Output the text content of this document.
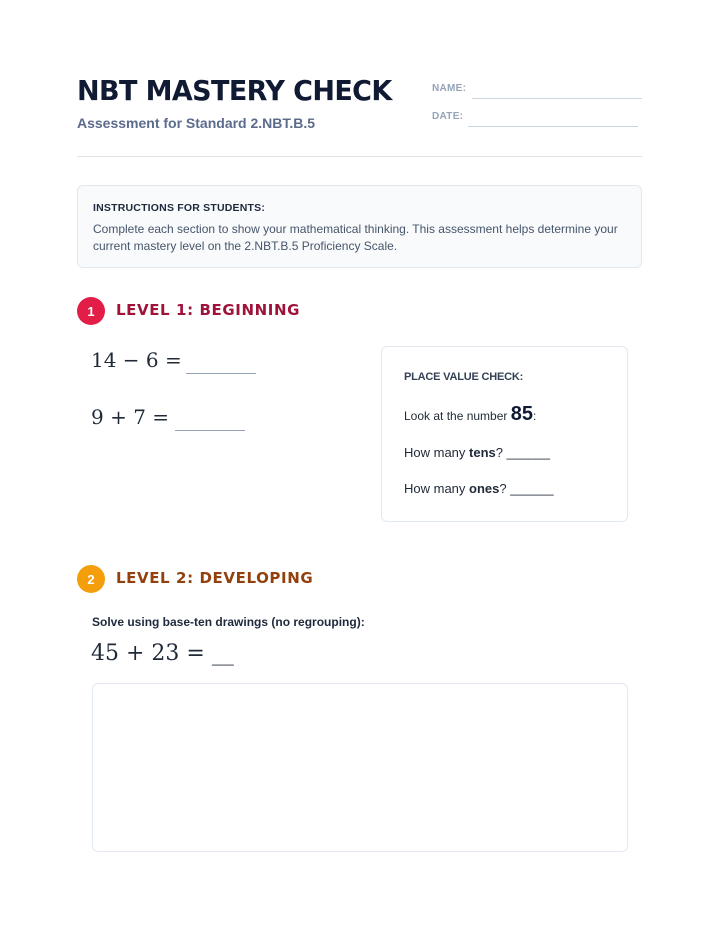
NBT MASTERY CHECK
Assessment for Standard 2.NBT.B.5
NAME:
DATE:
INSTRUCTIONS FOR STUDENTS:
Complete each section to show your mathematical thinking. This assessment helps determine your current mastery level on the 2.NBT.B.5 Proficiency Scale.
1	LEVEL 1: BEGINNING
14 − 6 =
9 + 7 =
PLACE VALUE CHECK:
Look at the number 85:
How many tens? ______
How many ones? ______
2	LEVEL 2: DEVELOPING
Solve using base-ten drawings (no regrouping):
45 + 23 = __
